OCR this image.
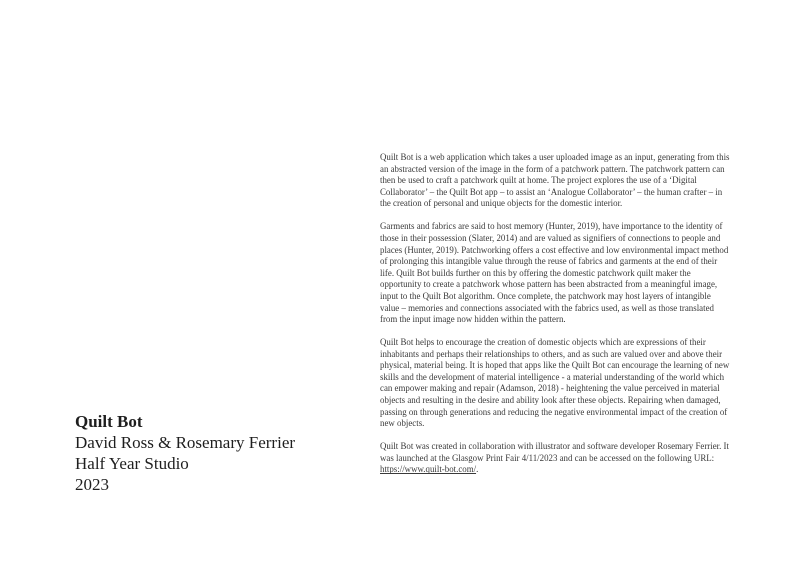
Quilt Bot
David Ross & Rosemary Ferrier
Half Year Studio
2023

Quilt Bot is a web application which takes a user uploaded image as an input, generating from this an abstracted version of the image in the form of a patchwork pattern. The patchwork pattern can then be used to craft a patchwork quilt at home. The project explores the use of a ‘Digital Collaborator’ – the Quilt Bot app – to assist an ‘Analogue Collaborator’ – the human crafter – in the creation of personal and unique objects for the domestic interior.

Garments and fabrics are said to host memory (Hunter, 2019), have importance to the identity of those in their possession (Slater, 2014) and are valued as signifiers of connections to people and places (Hunter, 2019). Patchworking offers a cost effective and low environmental impact method of prolonging this intangible value through the reuse of fabrics and garments at the end of their life. Quilt Bot builds further on this by offering the domestic patchwork quilt maker the opportunity to create a patchwork whose pattern has been abstracted from a meaningful image, input to the Quilt Bot algorithm. Once complete, the patchwork may host layers of intangible value – memories and connections associated with the fabrics used, as well as those translated from the input image now hidden within the pattern.

Quilt Bot helps to encourage the creation of domestic objects which are expressions of their inhabitants and perhaps their relationships to others, and as such are valued over and above their physical, material being. It is hoped that apps like the Quilt Bot can encourage the learning of new skills and the development of material intelligence - a material understanding of the world which can empower making and repair (Adamson, 2018) - heightening the value perceived in material objects and resulting in the desire and ability look after these objects. Repairing when damaged, passing on through generations and reducing the negative environmental impact of the creation of new objects.

Quilt Bot was created in collaboration with illustrator and software developer Rosemary Ferrier. It was launched at the Glasgow Print Fair 4/11/2023 and can be accessed on the following URL: https://www.quilt-bot.com/.
